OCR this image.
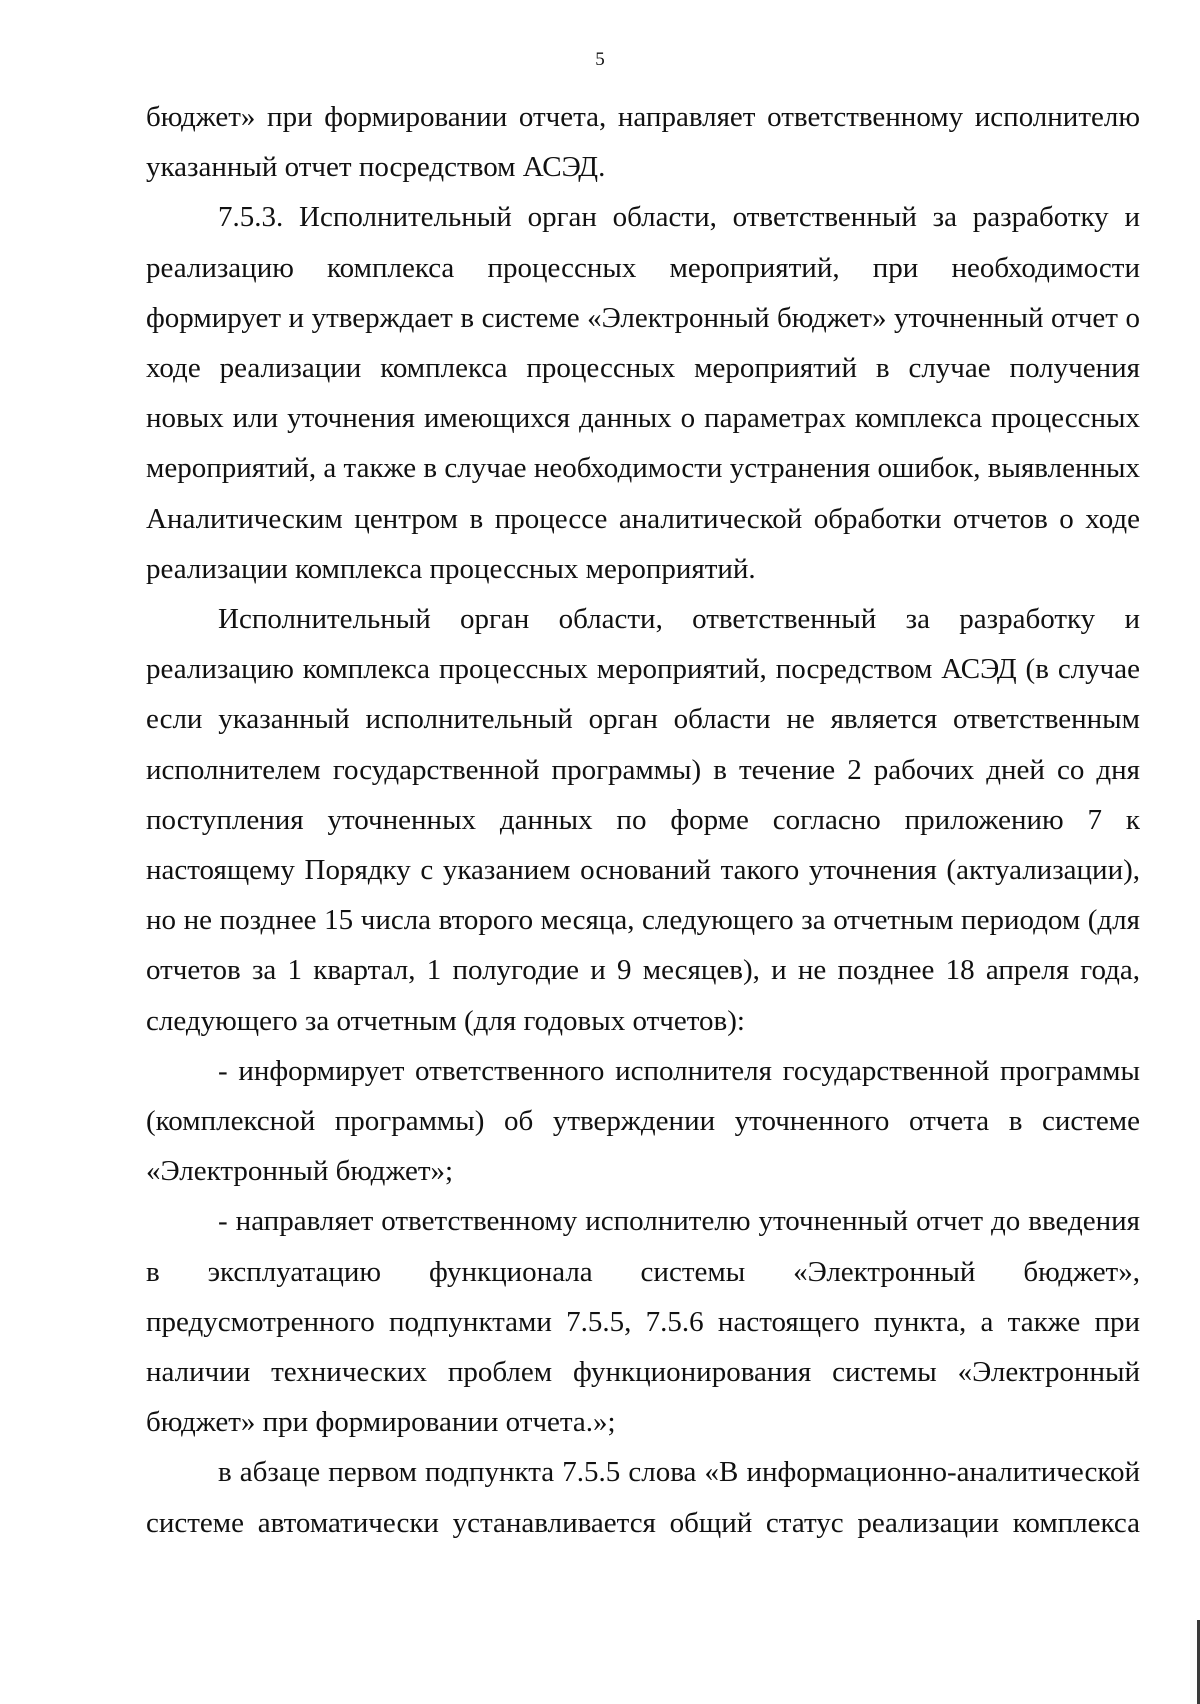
5

бюджет» при формировании отчета, направляет ответственному исполнителю указанный отчет посредством АСЭД.

7.5.3. Исполнительный орган области, ответственный за разработку и реализацию комплекса процессных мероприятий, при необходимости формирует и утверждает в системе «Электронный бюджет» уточненный отчет о ходе реализации комплекса процессных мероприятий в случае получения новых или уточнения имеющихся данных о параметрах комплекса процессных мероприятий, а также в случае необходимости устранения ошибок, выявленных Аналитическим центром в процессе аналитической обработки отчетов о ходе реализации комплекса процессных мероприятий.

Исполнительный орган области, ответственный за разработку и реализацию комплекса процессных мероприятий, посредством АСЭД (в случае если указанный исполнительный орган области не является ответственным исполнителем государственной программы) в течение 2 рабочих дней со дня поступления уточненных данных по форме согласно приложению 7 к настоящему Порядку с указанием оснований такого уточнения (актуализации), но не позднее 15 числа второго месяца, следующего за отчетным периодом (для отчетов за 1 квартал, 1 полугодие и 9 месяцев), и не позднее 18 апреля года, следующего за отчетным (для годовых отчетов):

- информирует ответственного исполнителя государственной программы (комплексной программы) об утверждении уточненного отчета в системе «Электронный бюджет»;

- направляет ответственному исполнителю уточненный отчет до введения в эксплуатацию функционала системы «Электронный бюджет», предусмотренного подпунктами 7.5.5, 7.5.6 настоящего пункта, а также при наличии технических проблем функционирования системы «Электронный бюджет» при формировании отчета.»;

в абзаце первом подпункта 7.5.5 слова «В информационно-аналитической системе автоматически устанавливается общий статус реализации комплекса
